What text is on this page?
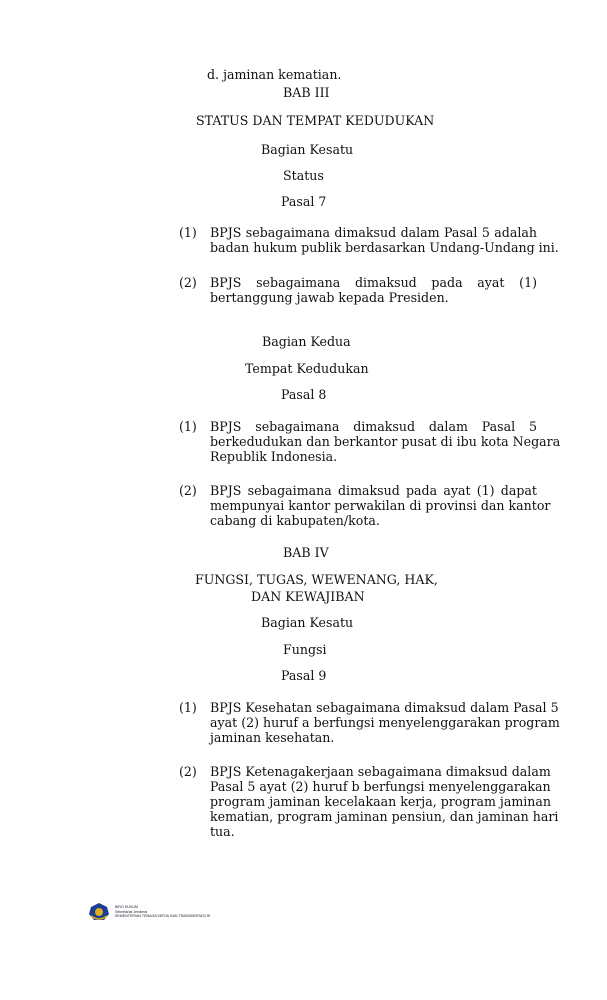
d. jaminan kematian.
BAB III
STATUS DAN TEMPAT KEDUDUKAN
Bagian Kesatu
Status
Pasal 7
(1) BPJS sebagaimana dimaksud dalam Pasal 5 adalah
badan hukum publik berdasarkan Undang-Undang ini.
(2) BPJS sebagaimana dimaksud pada ayat (1)
bertanggung jawab kepada Presiden.
Bagian Kedua
Tempat Kedudukan
Pasal 8
(1) BPJS sebagaimana dimaksud dalam Pasal 5
berkedudukan dan berkantor pusat di ibu kota Negara
Republik Indonesia.
(2) BPJS sebagaimana dimaksud pada ayat (1) dapat
mempunyai kantor perwakilan di provinsi dan kantor
cabang di kabupaten/kota.
BAB IV
FUNGSI, TUGAS, WEWENANG, HAK,
DAN KEWAJIBAN
Bagian Kesatu
Fungsi
Pasal 9
(1) BPJS Kesehatan sebagaimana dimaksud dalam Pasal 5
ayat (2) huruf a berfungsi menyelenggarakan program
jaminan kesehatan.
(2) BPJS Ketenagakerjaan sebagaimana dimaksud dalam
Pasal 5 ayat (2) huruf b berfungsi menyelenggarakan
program jaminan kecelakaan kerja, program jaminan
kematian, program jaminan pensiun, dan jaminan hari
tua.
BIRO HUKUM
Sekretariat Jenderal
KEMENTERIAN TENAGA KERJA DAN TRANSMIGRASI RI
